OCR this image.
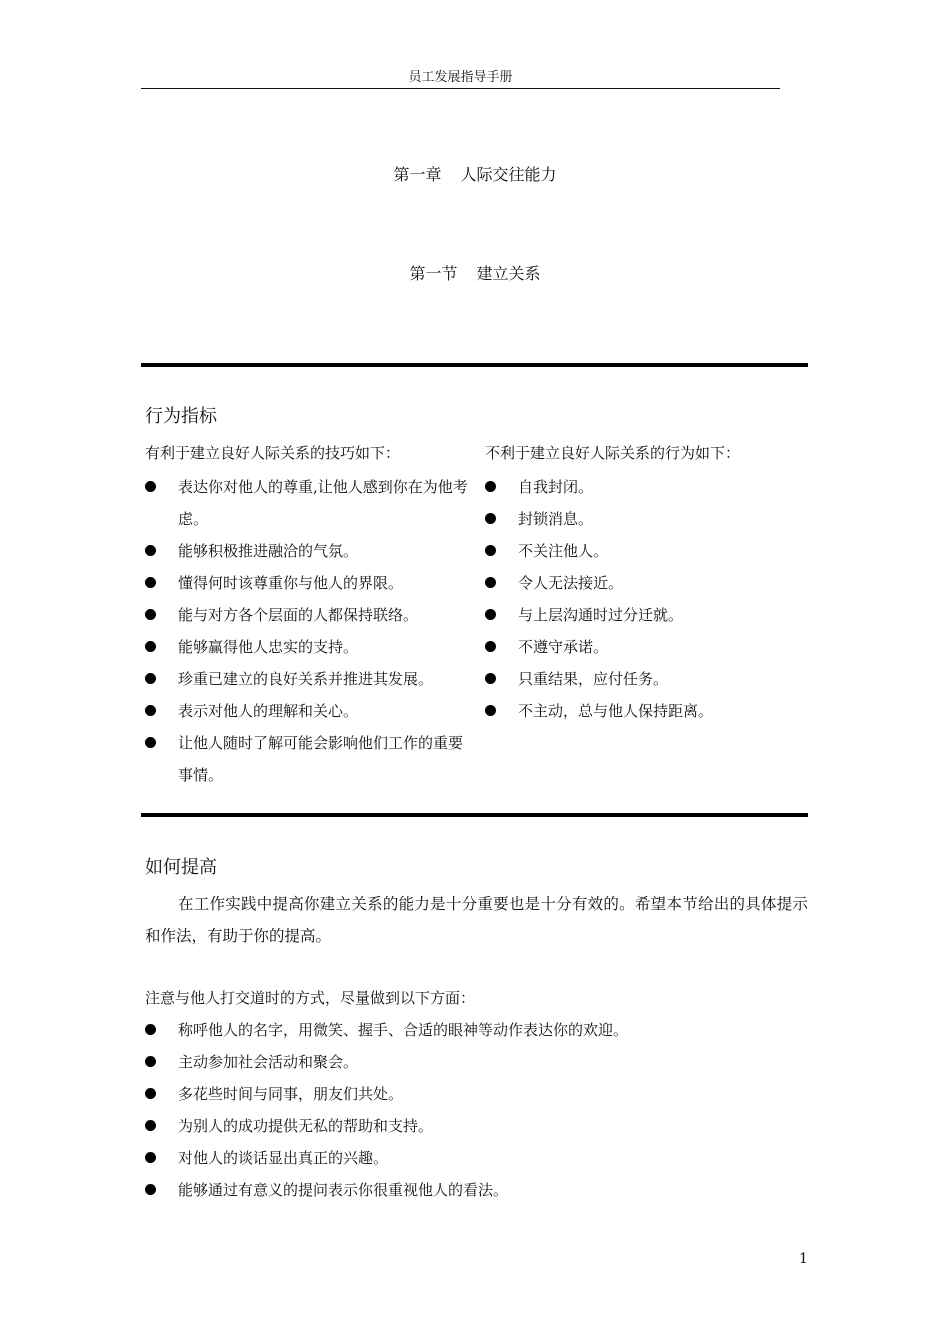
员工发展指导手册
第一章 人际交往能力
第一节 建立关系
行为指标
有利于建立良好人际关系的技巧如下：
表达你对他人的尊重,让他人感到你在为他考虑。
能够积极推进融洽的气氛。
懂得何时该尊重你与他人的界限。
能与对方各个层面的人都保持联络。
能够赢得他人忠实的支持。
珍重已建立的良好关系并推进其发展。
表示对他人的理解和关心。
让他人随时了解可能会影响他们工作的重要事情。
不利于建立良好人际关系的行为如下：
自我封闭。
封锁消息。
不关注他人。
令人无法接近。
与上层沟通时过分迁就。
不遵守承诺。
只重结果，应付任务。
不主动，总与他人保持距离。
如何提高
在工作实践中提高你建立关系的能力是十分重要也是十分有效的。希望本节给出的具体提示和作法，有助于你的提高。
注意与他人打交道时的方式，尽量做到以下方面：
称呼他人的名字，用微笑、握手、合适的眼神等动作表达你的欢迎。
主动参加社会活动和聚会。
多花些时间与同事，朋友们共处。
为别人的成功提供无私的帮助和支持。
对他人的谈话显出真正的兴趣。
能够通过有意义的提问表示你很重视他人的看法。
1
